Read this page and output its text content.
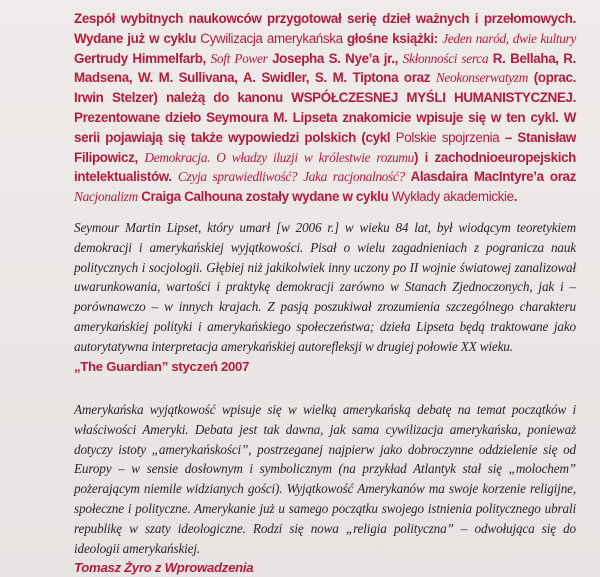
Zespół wybitnych naukowców przygotował serię dzieł ważnych i przełomowych. Wydane już w cyklu Cywilizacja amerykańska głośne książki: Jeden naród, dwie kultury Gertrudy Himmelfarb, Soft Power Josepha S. Nye’a jr., Skłonności serca R. Bellaha, R. Madsena, W. M. Sullivana, A. Swidler, S. M. Tiptona oraz Neokonserwatyzm (oprac. Irwin Stelzer) należą do kanonu WSPÓŁCZESNEJ MYŚLI HUMANISTYCZNEJ. Prezentowane dzieło Seymoura M. Lipseta znakomicie wpisuje się w ten cykl. W serii pojawiają się także wypowiedzi polskich (cykl Polskie spojrzenia – Stanisław Filipowicz, Demokracja. O władzy iluzji w królestwie rozumu) i zachodnioeuropejskich intelektualistów. Czyja sprawiedliwość? Jaka racjonalność? Alasdaira MacIntyre’a oraz Nacjonalizm Craiga Calhouna zostały wydane w cyklu Wykłady akademickie.
Seymour Martin Lipset, który umarł [w 2006 r.] w wieku 84 lat, był wiodącym teoretykiem demokracji i amerykańskiej wyjątkowości. Pisał o wielu zagadnieniach z pogranicza nauk politycznych i socjologii. Głębiej niż jakikolwiek inny uczony po II wojnie światowej zanalizował uwarunkowania, wartości i praktykę demokracji zarówno w Stanach Zjednoczonych, jak i – porównawczo – w innych krajach. Z pasją poszukiwał zrozumienia szczególnego charakteru amerykańskiej polityki i amerykańskiego społeczeństwa; dzieła Lipseta będą traktowane jako autorytatywna interpretacja amerykańskiej autorefleksji w drugiej połowie XX wieku.
„The Guardian” styczeń 2007
Amerykańska wyjątkowość wpisuje się w wielką amerykańską debatę na temat początków i właściwości Ameryki. Debata jest tak dawna, jak sama cywilizacja amerykańska, ponieważ dotyczy istoty „amerykańskości”, postrzeganej najpierw jako dobroczynne oddzielenie się od Europy – w sensie dosłownym i symbolicznym (na przykład Atlantyk stał się „molochem” pożerającym niemile widzianych gości). Wyjątkowość Amerykanów ma swoje korzenie religijne, społeczne i polityczne. Amerykanie już u samego początku swojego istnienia politycznego ubrali republikę w szaty ideologiczne. Rodzi się nowa „religia polityczna” – odwołująca się do ideologii amerykańskiej.
Tomasz Żyro z Wprowadzenia
